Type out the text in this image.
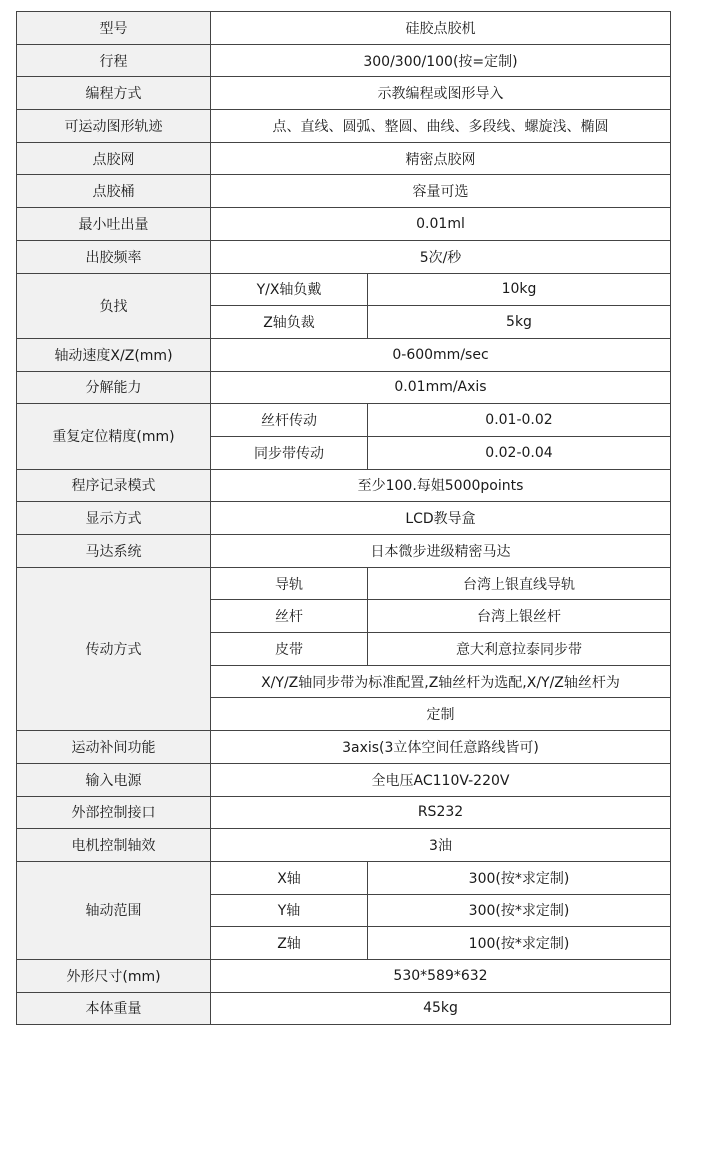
型号	硅胶点胶机	
行程	300/300/100(按=定制)	
编程方式	示教编程或图形导入	
可运动图形轨迹	点、直线、圆弧、整圆、曲线、多段线、螺旋浅、椭圆	
点胶网	精密点胶网	
点胶桶	容量可选	
最小吐出量	0.01ml	
出胶频率	5次/秒	
负找	Y/X轴负戴	10kg
	Z轴负裁	5kg
轴动速度X/Z(mm)	0-600mm/sec	
分解能力	0.01mm/Axis	
重复定位精度(mm)	丝杆传动	0.01-0.02
	同步带传动	0.02-0.04
程序记录模式	至少100.每姐5000points	
显示方式	LCD教导盒	
马达系统	日本微步进级精密马达	
传动方式	导轨	台湾上银直线导轨
	丝杆	台湾上银丝杆
	皮带	意大利意拉泰同步带
	X/Y/Z轴同步带为标准配置,Z轴丝杆为选配,X/Y/Z轴丝杆为	
	定制	
运动补间功能	3axis(3立体空间任意路线皆可)	
输入电源	全电压AC110V-220V	
外部控制接口	RS232	
电机控制轴效	3油	
轴动范围	X轴	300(按*求定制)
	Y轴	300(按*求定制)
	Z轴	100(按*求定制)
外形尺寸(mm)	530*589*632	
本体重量	45kg	
